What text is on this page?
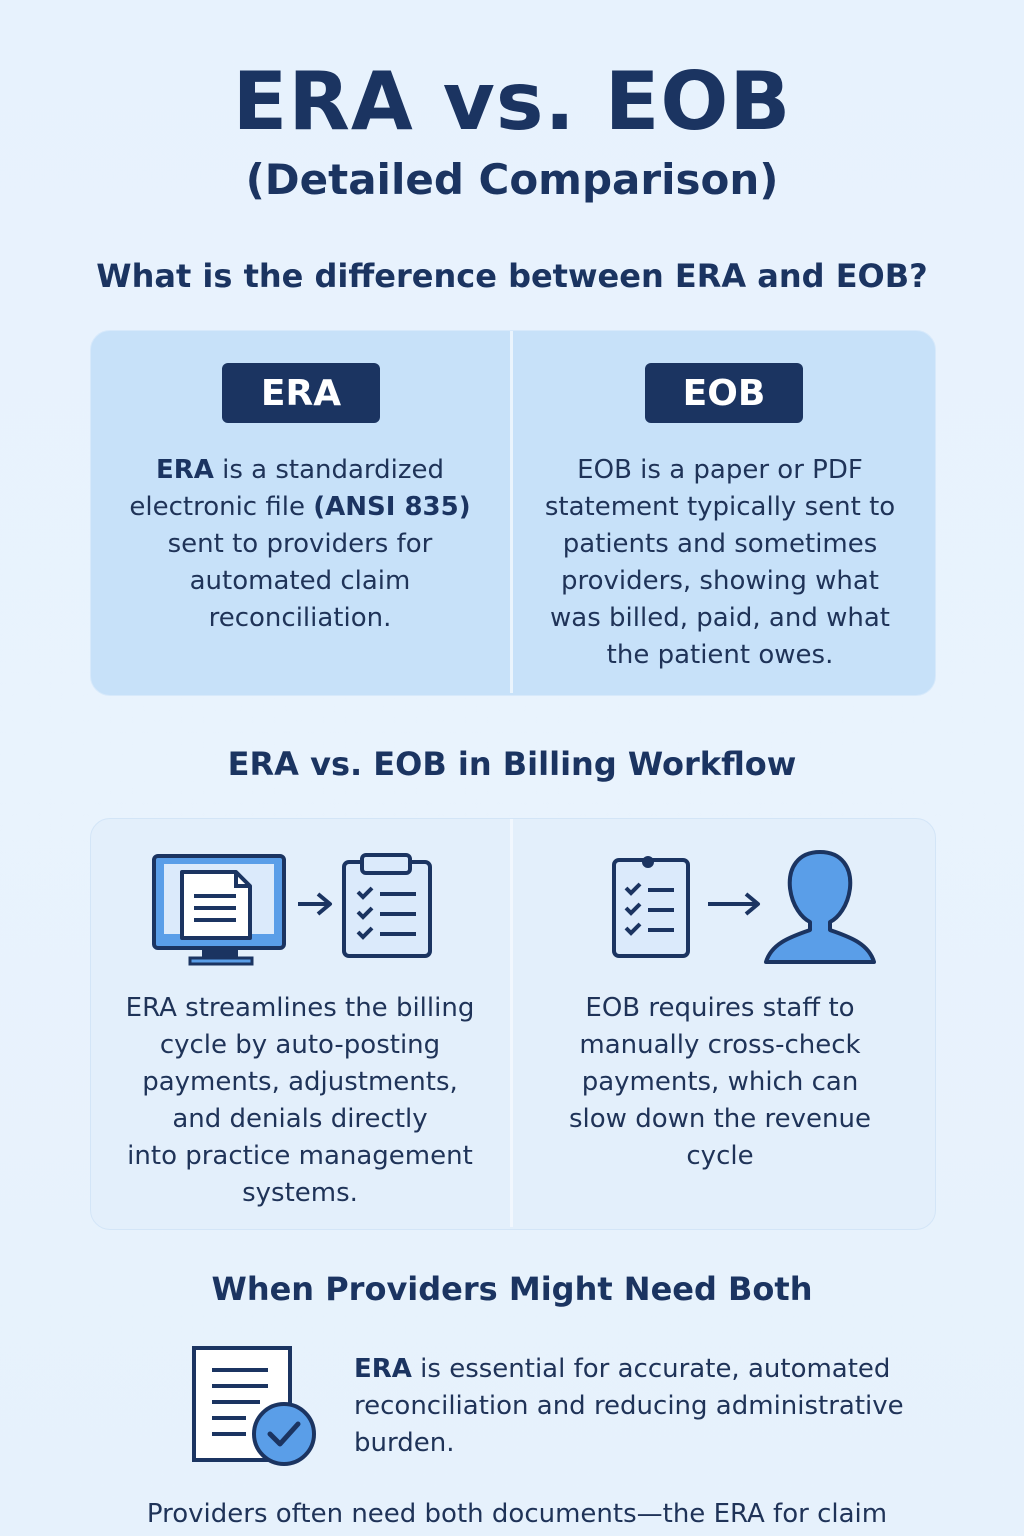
ERA vs. EOB
(Detailed Comparison)
What is the difference between ERA and EOB?
ERA	EOB
ERA is a standardized
electronic file (ANSI 835)
sent to providers for
automated claim
reconciliation.
EOB is a paper or PDF
statement typically sent to
patients and sometimes
providers, showing what
was billed, paid, and what
the patient owes.
ERA vs. EOB in Billing Workflow
ERA streamlines the billing
cycle by auto-posting
payments, adjustments,
and denials directly
into practice management
systems.
EOB requires staff to
manually cross-check
payments, which can
slow down the revenue
cycle
When Providers Might Need Both
ERA is essential for accurate, automated
reconciliation and reducing administrative
burden.
Providers often need both documents—the ERA for claim
